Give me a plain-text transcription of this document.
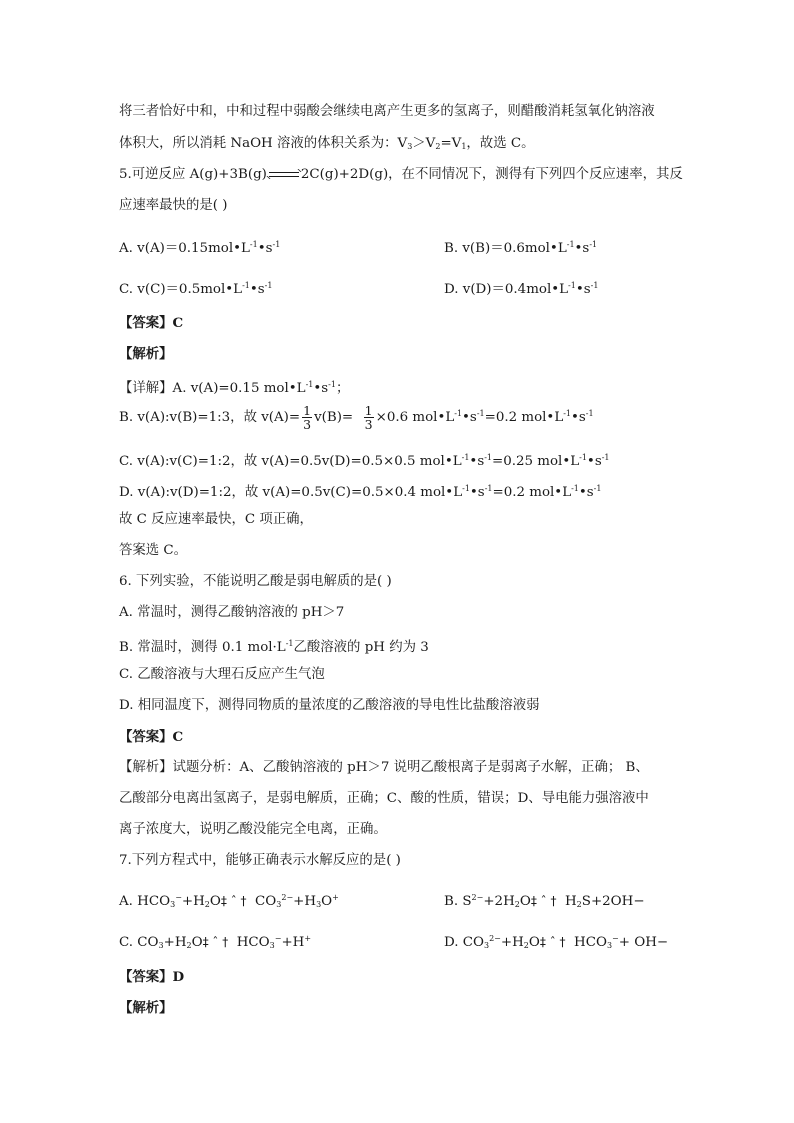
将三者恰好中和，中和过程中弱酸会继续电离产生更多的氢离子，则醋酸消耗氢氧化钠溶液
体积大，所以消耗 NaOH 溶液的体积关系为：$V_3>V_2=V_1$，故选 C。
5.可逆反应 A(g)+3B(g)	2C(g)+2D(g)，在不同情况下，测得有下列四个反应速率，其反
应速率最快的是( )
A. $v(A)=0.15mol•L^{-1}•s^{-1}$	B. $v(B)=0.6mol•L^{-1}•s^{-1}$
C. $v(C)=0.5mol•L^{-1}•s^{-1}$	D. $v(D)=0.4mol•L^{-1}•s^{-1}$
【答案】C
【解析】
【详解】A. v(A)=0.15 $mol•L^{-1}•s^{-1}$；
B. v(A):v(B)=1:3，故 $v(A)= \frac{1}{3} v(B)= \frac{1}{3} \times 0.6$ $mol•L^{-1}•s^{-1}=0.2$ $mol•L^{-1}•s^{-1}$
C. v(A):v(C)=1:2，故 v(A)=0.5v(D)=0.5×0.5 $mol•L^{-1}•s^{-1}=0.25$ $mol•L^{-1}•s^{-1}$
D. v(A):v(D)=1:2，故 v(A)=0.5v(C)=0.5×0.4 $mol•L^{-1}•s^{-1}=0.2$ $mol•L^{-1}•s^{-1}$
故 C 反应速率最快，C 项正确，
答案选 C。
6. 下列实验，不能说明乙酸是弱电解质的是( )
A. 常温时，测得乙酸钠溶液的 pH＞7
B. 常温时，测得 0.1 $mol\cdot L^{-1}$乙酸溶液的 pH 约为 3
C. 乙酸溶液与大理石反应产生气泡
D. 相同温度下，测得同物质的量浓度的乙酸溶液的导电性比盐酸溶液弱
【答案】C
【解析】试题分析：A、乙酸钠溶液的 pH＞7 说明乙酸根离子是弱离子水解，正确； B、
乙酸部分电离出氢离子，是弱电解质，正确；C、酸的性质，错误；D、导电能力强溶液中
离子浓度大，说明乙酸没能完全电离，正确。
7.下列方程式中，能够正确表示水解反应的是( )
A. $HCO_3^-+H_2O\ddagger$ ˆ † $CO_3^{2-}+H_3O^+$	B. $S^{2-}+2H_2O\ddagger$ ˆ † $H_2S+2OH-$
C. $CO_3+H_2O\ddagger$ ˆ † $HCO_3^-+H^+$	D. $CO_3^{2-}+H_2O\ddagger$ ˆ † $HCO_3^-+ OH-$
【答案】D
【解析】
